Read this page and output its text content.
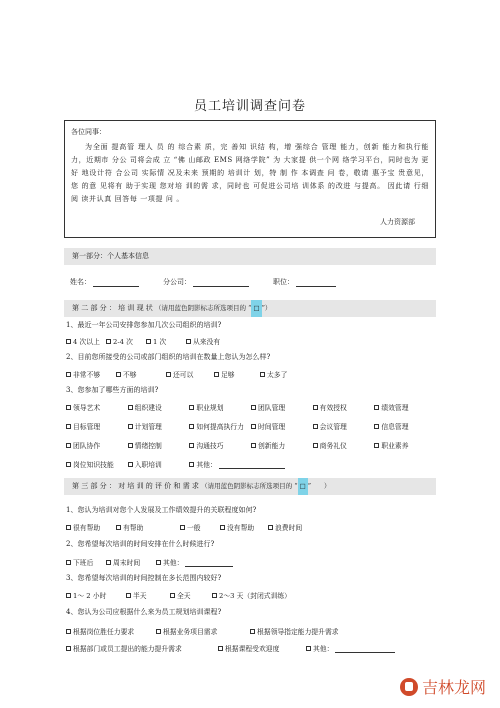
员工培训调查问卷
各位同事：
为全面 提高管 理人 员 的 综合素 质，完 善知 识结 构，增 强综合 管理 能力，创新 能力和执行能 力，近期市 分公 司将会成 立 “佛 山邮政 EMS 网络学院” 为 大家提 供一个网 络学习平台，同时也为 更好 地设计符 合公司 实际情 况及未来 预期的 培训计 划，特 制 作 本调查 问 卷，敬请 惠予宝 贵意见，您 的意 见将有 助于实现 您对培 训的需 求，同时也 可促进公司培 训体系 的改进 与提高。 因此请 行细阅 读并认真 回答每 一项提 问 。
人力资源部
第一部分：个人基本信息
姓名：	分公司：	职位：
第 二 部 分 ： 培 训 现 状 （请用蓝色阴影标志所选项目的 “ □ ”）
1、最近一年公司安排您参加几次公司组织的培训?
4 次以上 2-4 次	1 次	从来没有
2、目前您所接受的公司或部门组织的培训在数量上您认为怎么样?
非常不够	不够	还可以	足够	太多了
3、您参加了哪些方面的培训?
领导艺术	组织建设	职业规划	团队管理	有效授权	绩效管理
目标管理	计划管理	如何提高执行力 时间管理	会议管理	信息管理
团队协作	情绪控制	沟通技巧	创新能力	商务礼仪	职业素养
岗位知识技能	入职培训	其他：
第 三 部 分 ： 对 培 训 的 评 价 和 需 求 （请用蓝色阴影标志所选项目的 “ □ ”　　）
1、您认为培训对您个人发展及工作绩效提升的关联程度如何?
很有帮助	有帮助	一般	没有帮助	浪费时间
2、您希望每次培训的时间安排在什么时候进行?
下班后	周末时间	其他：
3、您希望每次培训的时间控制在多长范围内较好?
1～ 2 小时	半天	全天	2～3 天（封闭式训练）
4、您认为公司应根据什么来为员工规划培训课程?
根据岗位胜任力要求	根据业务项目需求	根据领导指定能力提升需求
根据部门或员工提出的能力提升需求	根据课程受欢迎度	其他：
吉林龙网
